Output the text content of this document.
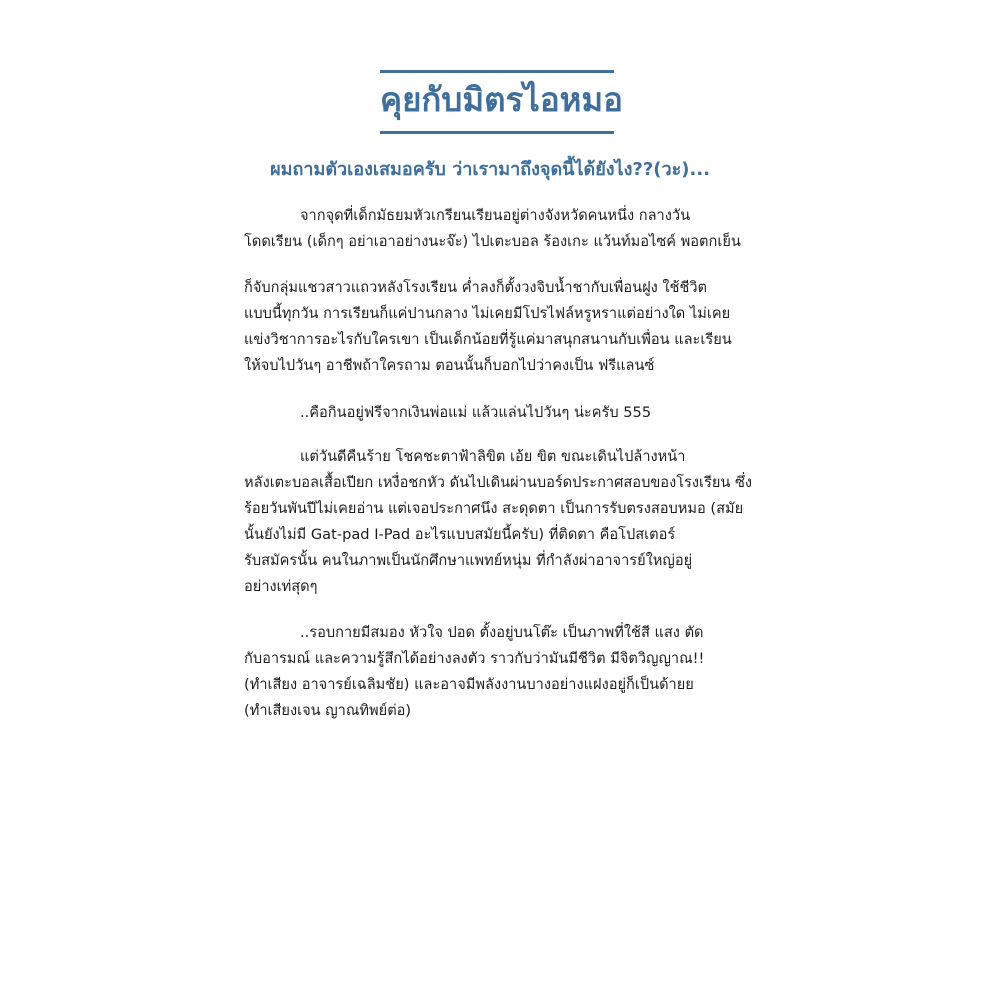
คุยกับมิตรไอหมอ
ผมถามตัวเองเสมอครับ ว่าเรามาถึงจุดนี้ได้ยังไง??(วะ)...
จากจุดที่เด็กมัธยมหัวเกรียนเรียนอยู่ต่างจังหวัดคนหนึ่ง กลางวัน
โดดเรียน (เด็กๆ อย่าเอาอย่างนะจ๊ะ) ไปเตะบอล ร้องเกะ แว้นท์มอไซค์ พอตกเย็น
ก็จับกลุ่มแชวสาวแถวหลังโรงเรียน ค่ำลงก็ตั้งวงจิบน้ำชากับเพื่อนฝูง ใช้ชีวิต
แบบนี้ทุกวัน การเรียนก็แค่ปานกลาง ไม่เคยมีโปรไฟล์หรูหราแต่อย่างใด ไม่เคย
แข่งวิชาการอะไรกับใครเขา เป็นเด็กน้อยที่รู้แค่มาสนุกสนานกับเพื่อน และเรียน
ให้จบไปวันๆ อาชีพถ้าใครถาม ตอนนั้นก็บอกไปว่าคงเป็น ฟรีแลนซ์
..คือกินอยู่ฟรีจากเงินพ่อแม่ แล้วแล่นไปวันๆ น่ะครับ 555
แต่วันดีคืนร้าย โชคชะตาฟ้าลิขิต เอ้ย ขิต ขณะเดินไปล้างหน้า
หลังเตะบอลเสื้อเปียก เหงื่อชกหัว ดันไปเดินผ่านบอร์ดประกาศสอบของโรงเรียน ซึ่ง
ร้อยวันพันปีไม่เคยอ่าน แต่เจอประกาศนึง สะดุดตา เป็นการรับตรงสอบหมอ (สมัย
นั้นยังไม่มี Gat-pad I-Pad อะไรแบบสมัยนี้ครับ) ที่ติดตา คือโปสเตอร์
รับสมัครนั้น คนในภาพเป็นนักศึกษาแพทย์หนุ่ม ที่กำลังผ่าอาจารย์ใหญ่อยู่
อย่างเท่สุดๆ
..รอบกายมีสมอง หัวใจ ปอด ตั้งอยู่บนโต๊ะ เป็นภาพที่ใช้สี แสง ตัด
กับอารมณ์ และความรู้สึกได้อย่างลงตัว ราวกับว่ามันมีชีวิต มีจิตวิญญาณ!!
(ทำเสียง อาจารย์เฉลิมชัย) และอาจมีพลังงานบางอย่างแฝงอยู่ก็เป็นด้ายย
(ทำเสียงเจน ญาณทิพย์ต่อ)
